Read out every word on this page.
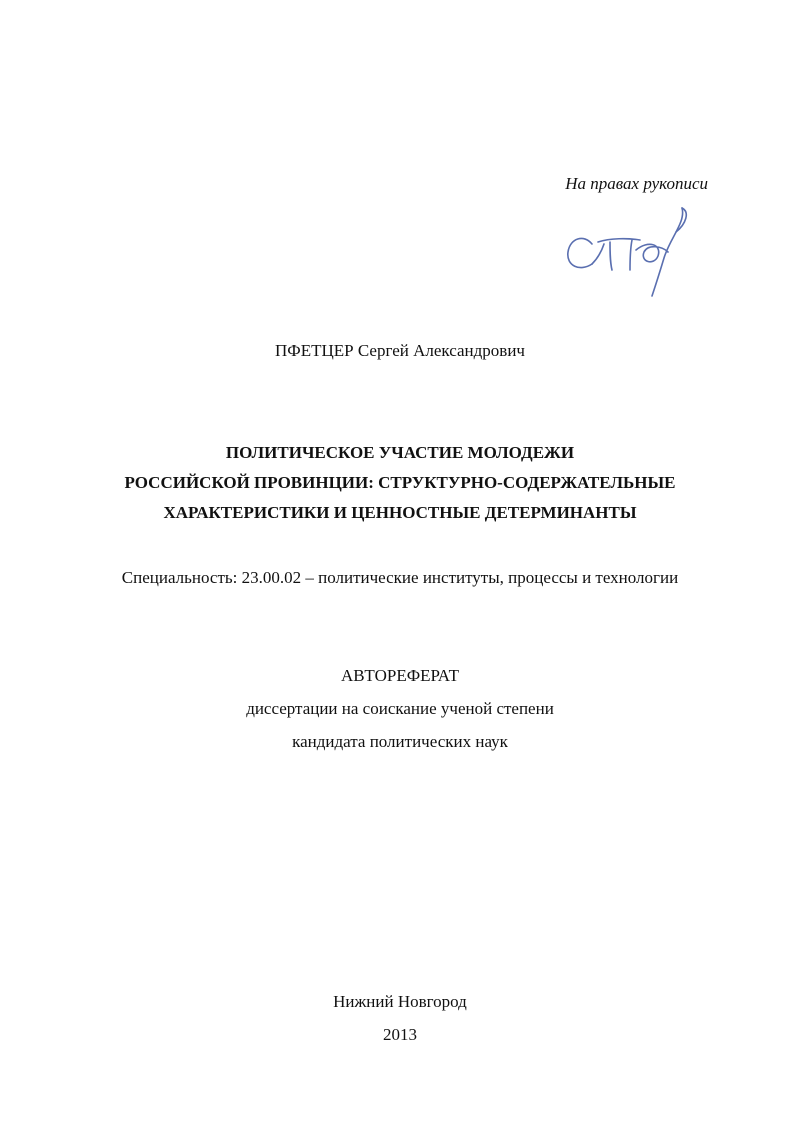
На правах рукописи
ПФЕТЦЕР Сергей Александрович
ПОЛИТИЧЕСКОЕ УЧАСТИЕ МОЛОДЕЖИ
РОССИЙСКОЙ ПРОВИНЦИИ: СТРУКТУРНО-СОДЕРЖАТЕЛЬНЫЕ
ХАРАКТЕРИСТИКИ И ЦЕННОСТНЫЕ ДЕТЕРМИНАНТЫ
Специальность: 23.00.02 – политические институты, процессы и технологии
АВТОРЕФЕРАТ
диссертации на соискание ученой степени
кандидата политических наук
Нижний Новгород
2013
